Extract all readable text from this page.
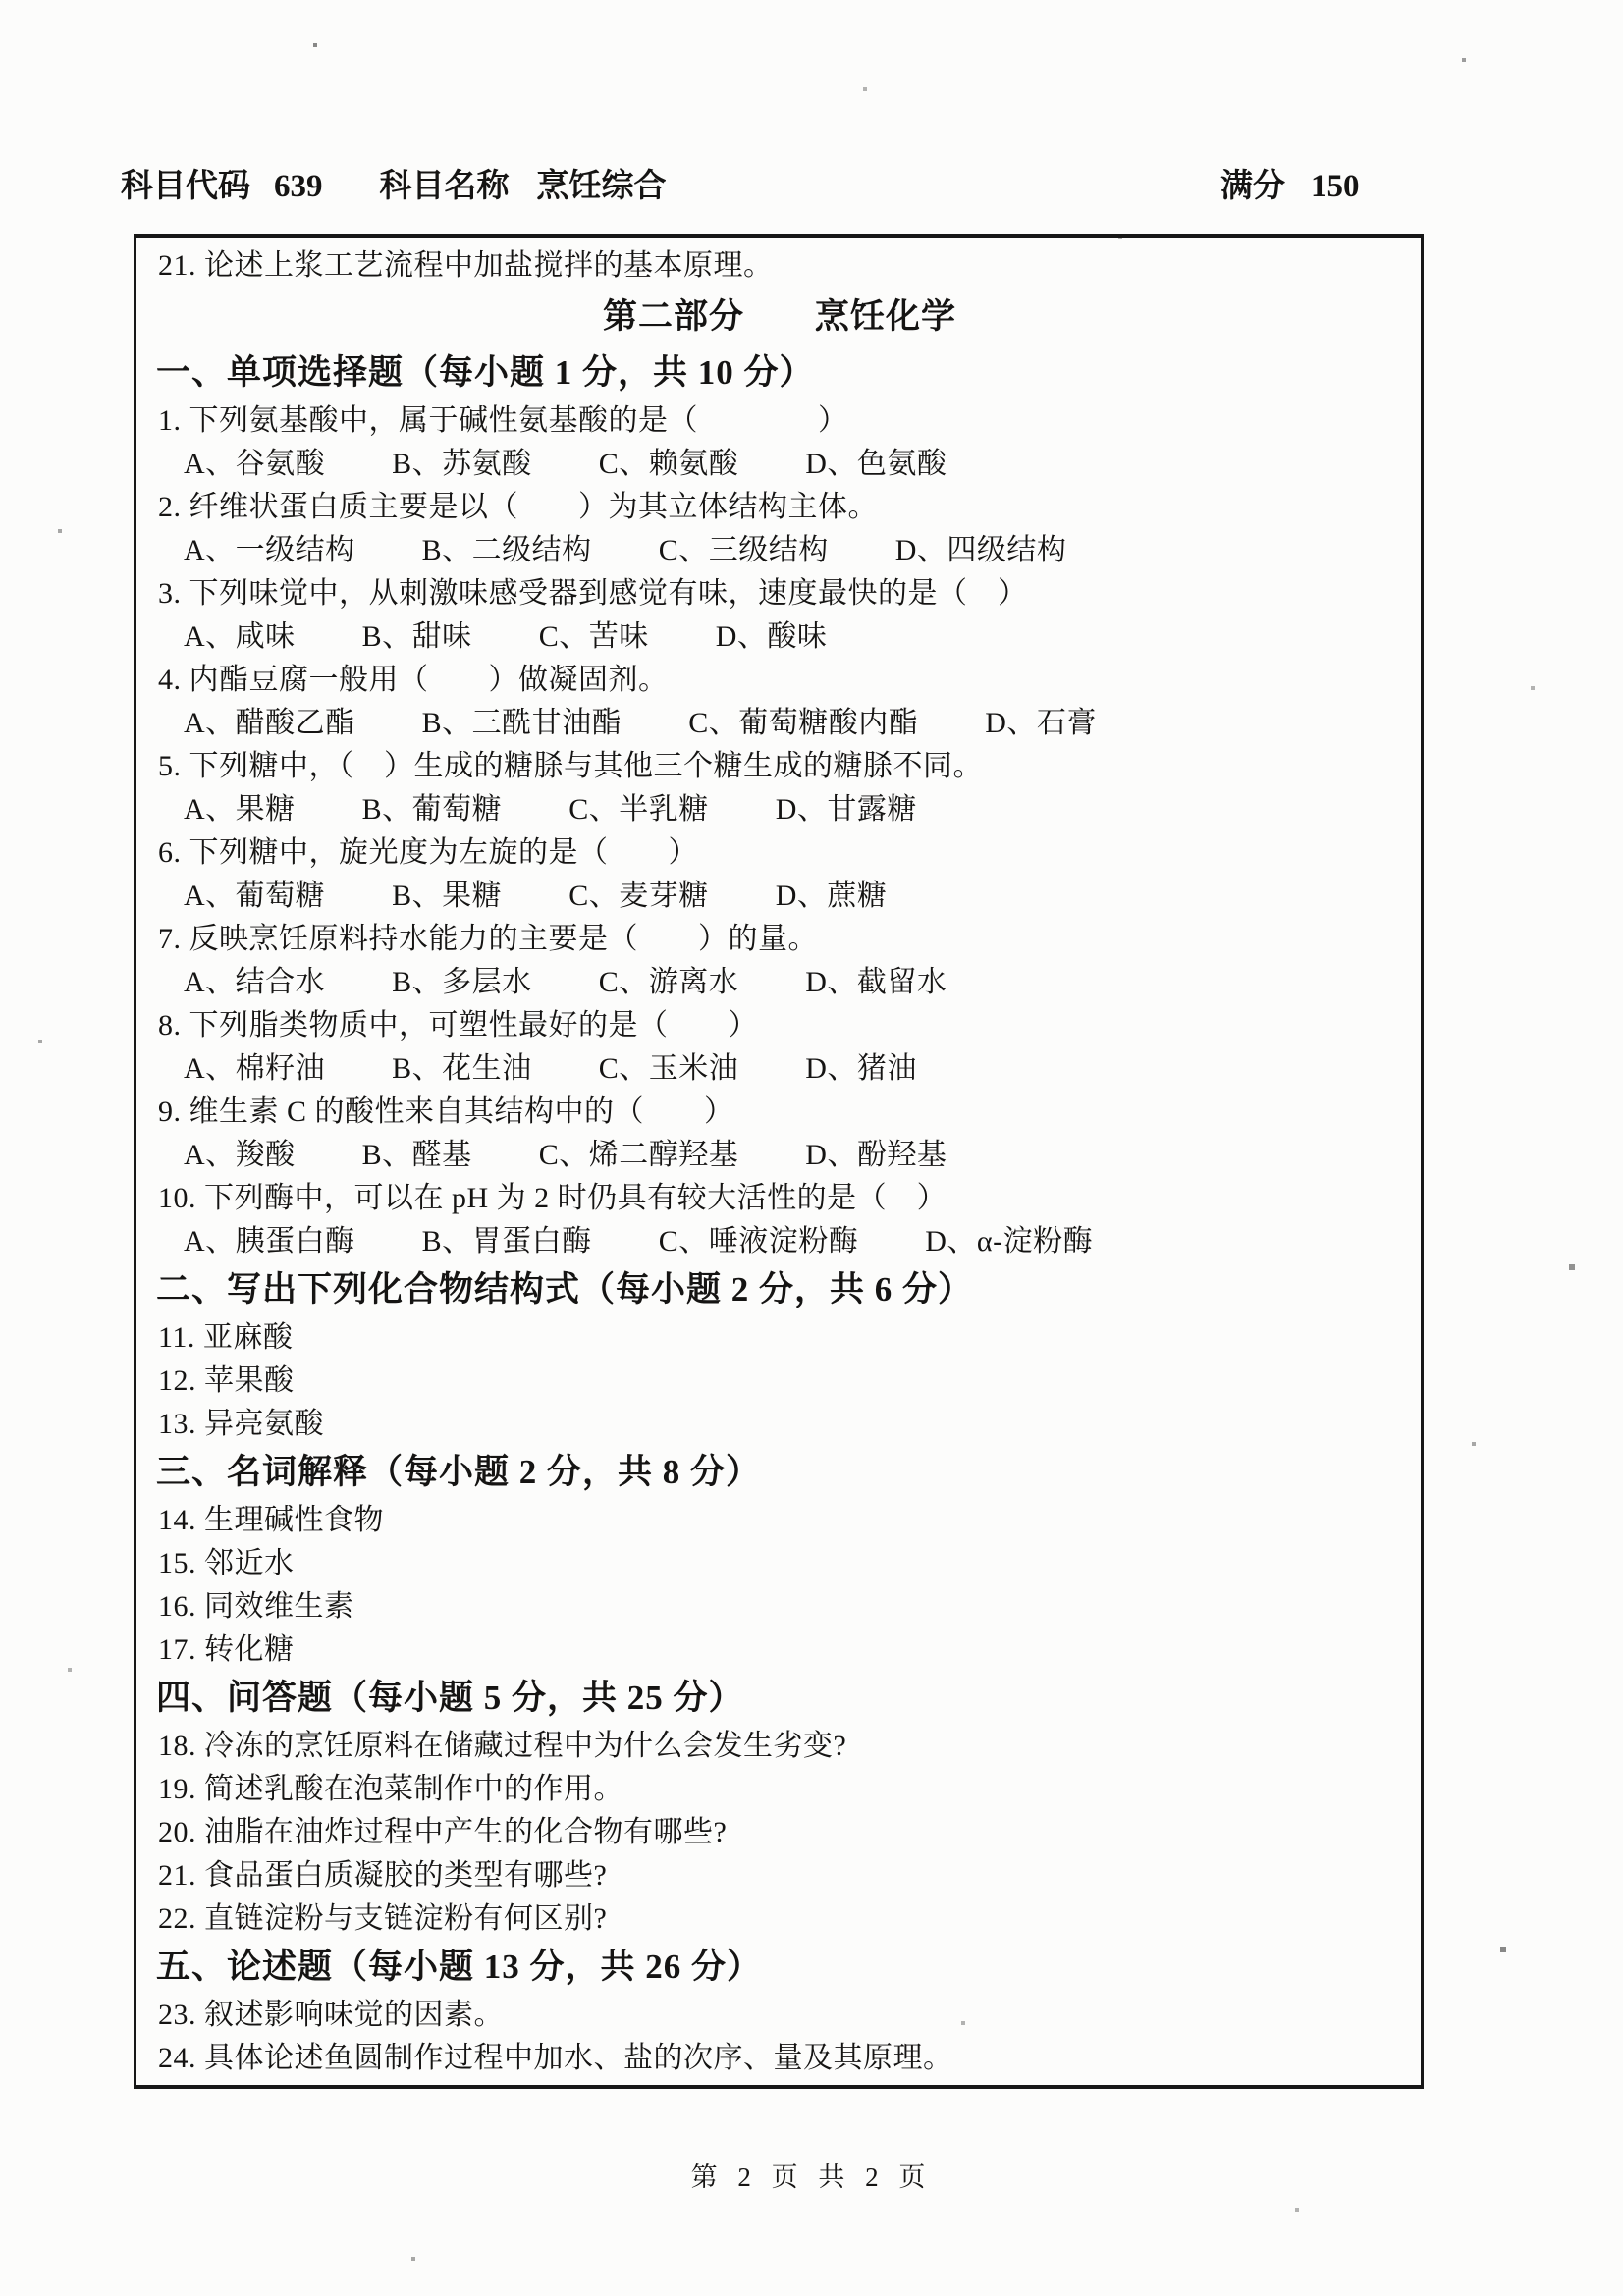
科目代码 639 科目名称 烹饪综合	满分 150
21. 论述上浆工艺流程中加盐搅拌的基本原理。
第二部分　　烹饪化学
一、单项选择题（每小题 1 分，共 10 分）
1. 下列氨基酸中，属于碱性氨基酸的是（　　　　）
A、谷氨酸 B、苏氨酸 C、赖氨酸 D、色氨酸
2. 纤维状蛋白质主要是以（　　）为其立体结构主体。
A、一级结构 B、二级结构 C、三级结构 D、四级结构
3. 下列味觉中，从刺激味感受器到感觉有味，速度最快的是（　）
A、咸味 B、甜味 C、苦味 D、酸味
4. 内酯豆腐一般用（　　）做凝固剂。
A、醋酸乙酯 B、三酰甘油酯 C、葡萄糖酸内酯 D、石膏
5. 下列糖中，（　）生成的糖脎与其他三个糖生成的糖脎不同。
A、果糖 B、葡萄糖 C、半乳糖 D、甘露糖
6. 下列糖中，旋光度为左旋的是（　　）
A、葡萄糖 B、果糖 C、麦芽糖 D、蔗糖
7. 反映烹饪原料持水能力的主要是（　　）的量。
A、结合水 B、多层水 C、游离水 D、截留水
8. 下列脂类物质中，可塑性最好的是（　　）
A、棉籽油 B、花生油 C、玉米油 D、猪油
9. 维生素 C 的酸性来自其结构中的（　　）
A、羧酸 B、醛基 C、烯二醇羟基 D、酚羟基
10. 下列酶中，可以在 pH 为 2 时仍具有较大活性的是（　）
A、胰蛋白酶 B、胃蛋白酶 C、唾液淀粉酶 D、α-淀粉酶
二、写出下列化合物结构式（每小题 2 分，共 6 分）
11. 亚麻酸
12. 苹果酸
13. 异亮氨酸
三、名词解释（每小题 2 分，共 8 分）
14. 生理碱性食物
15. 邻近水
16. 同效维生素
17. 转化糖
四、问答题（每小题 5 分，共 25 分）
18. 冷冻的烹饪原料在储藏过程中为什么会发生劣变?
19. 简述乳酸在泡菜制作中的作用。
20. 油脂在油炸过程中产生的化合物有哪些?
21. 食品蛋白质凝胶的类型有哪些?
22. 直链淀粉与支链淀粉有何区别?
五、论述题（每小题 13 分，共 26 分）
23. 叙述影响味觉的因素。
24. 具体论述鱼圆制作过程中加水、盐的次序、量及其原理。
第 2 页 共 2 页
